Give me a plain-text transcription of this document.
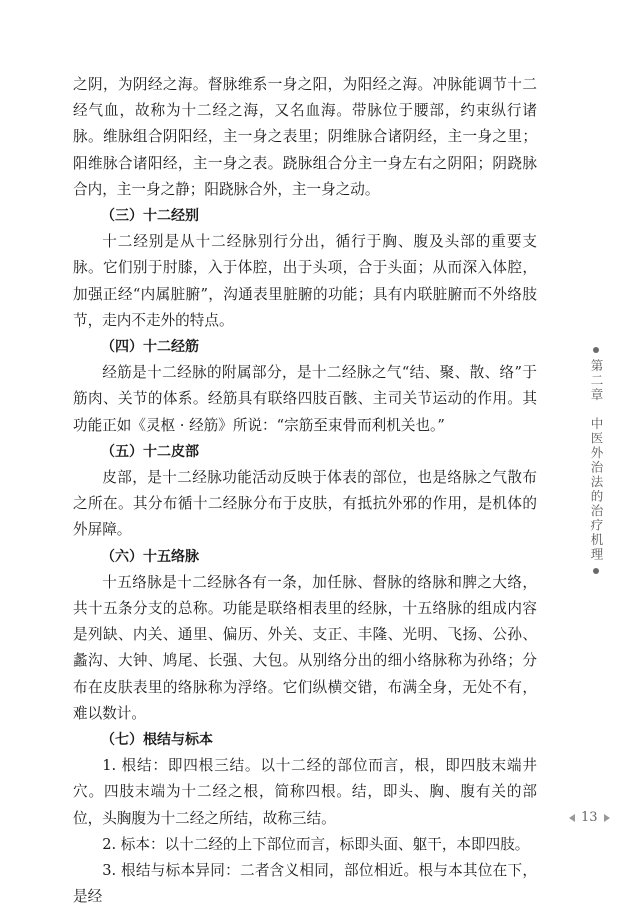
之阴，为阴经之海。督脉维系一身之阳，为阳经之海。冲脉能调节十二经气血，故称为十二经之海，又名血海。带脉位于腰部，约束纵行诸脉。维脉组合阴阳经，主一身之表里；阴维脉合诸阴经，主一身之里；阳维脉合诸阳经，主一身之表。跷脉组合分主一身左右之阴阳；阴跷脉合内，主一身之静；阳跷脉合外，主一身之动。

（三）十二经别

十二经别是从十二经脉别行分出，循行于胸、腹及头部的重要支脉。它们别于肘膝，入于体腔，出于头项，合于头面；从而深入体腔，加强正经“内属脏腑”，沟通表里脏腑的功能；具有内联脏腑而不外络肢节，走内不走外的特点。

（四）十二经筋

经筋是十二经脉的附属部分，是十二经脉之气“结、聚、散、络”于筋肉、关节的体系。经筋具有联络四肢百骸、主司关节运动的作用。其功能正如《灵枢 · 经筋》所说：“宗筋至束骨而利机关也。”

（五）十二皮部

皮部，是十二经脉功能活动反映于体表的部位，也是络脉之气散布之所在。其分布循十二经脉分布于皮肤，有抵抗外邪的作用，是机体的外屏障。

（六）十五络脉

十五络脉是十二经脉各有一条，加任脉、督脉的络脉和脾之大络，共十五条分支的总称。功能是联络相表里的经脉，十五络脉的组成内容是列缺、内关、通里、偏历、外关、支正、丰隆、光明、飞扬、公孙、蠡沟、大钟、鸠尾、长强、大包。从别络分出的细小络脉称为孙络；分布在皮肤表里的络脉称为浮络。它们纵横交错，布满全身，无处不有，难以数计。

（七）根结与标本

1. 根结：即四根三结。以十二经的部位而言，根，即四肢末端井穴。四肢末端为十二经之根，简称四根。结，即头、胸、腹有关的部位，头胸腹为十二经之所结，故称三结。

2. 标本：以十二经的上下部位而言，标即头面、躯干，本即四肢。

3. 根结与标本异同：二者含义相同，部位相近。根与本其位在下，是经

第二章
中医外治法的治疗机理
13
